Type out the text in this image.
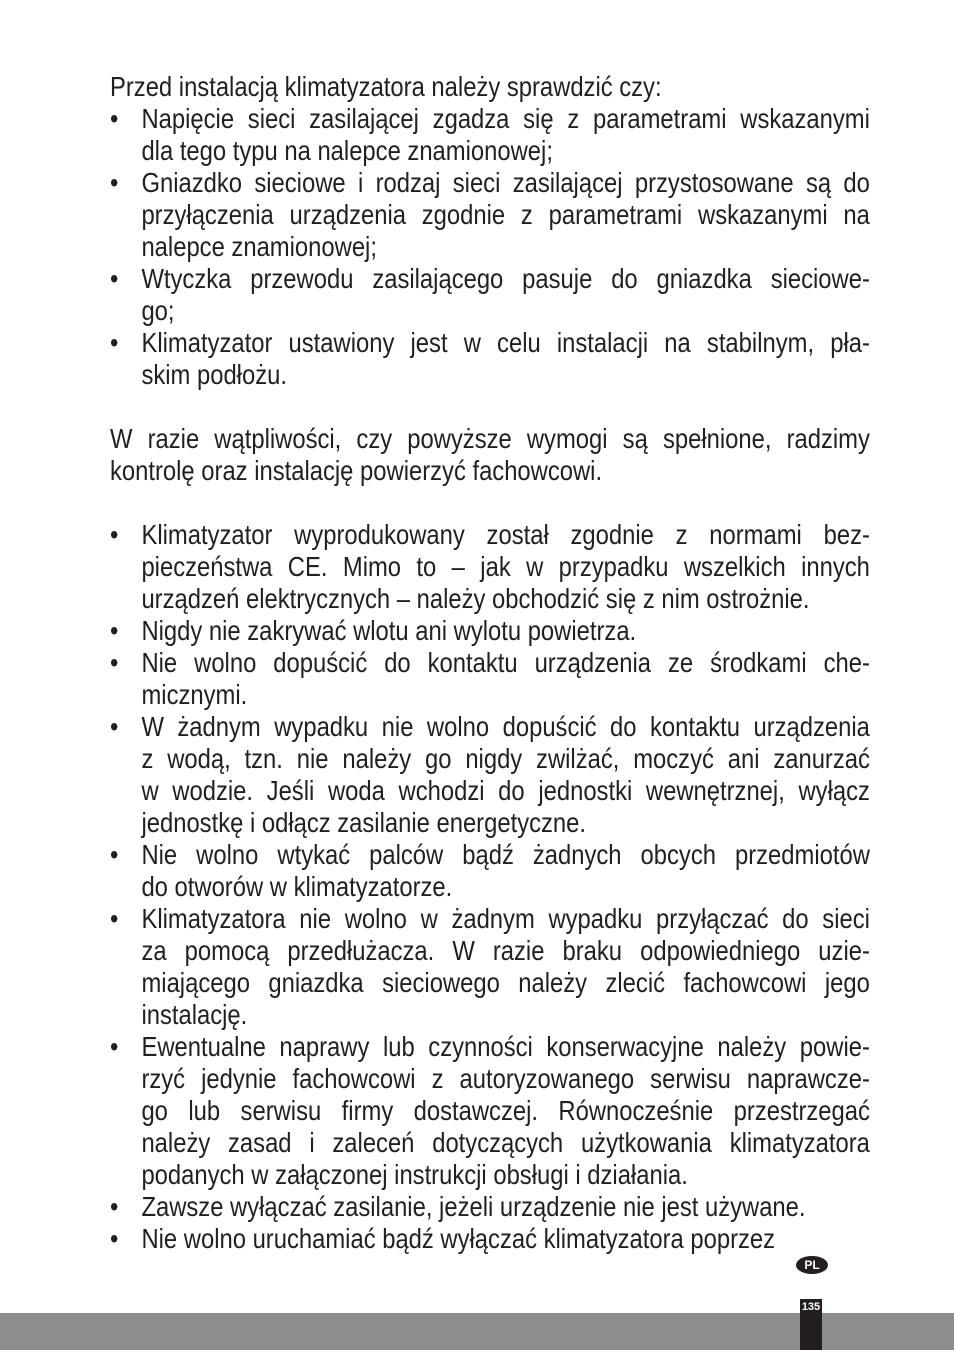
Przed instalacją klimatyzatora należy sprawdzić czy:
• Napięcie sieci zasilającej zgadza się z parametrami wskazanymi
dla tego typu na nalepce znamionowej;
• Gniazdko sieciowe i rodzaj sieci zasilającej przystosowane są do
przyłączenia urządzenia zgodnie z parametrami wskazanymi na
nalepce znamionowej;
• Wtyczka przewodu zasilającego pasuje do gniazdka sieciowe-
go;
• Klimatyzator ustawiony jest w celu instalacji na stabilnym, pła-
skim podłożu.
W razie wątpliwości, czy powyższe wymogi są spełnione, radzimy
kontrolę oraz instalację powierzyć fachowcowi.
• Klimatyzator wyprodukowany został zgodnie z normami bez-
pieczeństwa CE. Mimo to – jak w przypadku wszelkich innych
urządzeń elektrycznych – należy obchodzić się z nim ostrożnie.
• Nigdy nie zakrywać wlotu ani wylotu powietrza.
• Nie wolno dopuścić do kontaktu urządzenia ze środkami che-
micznymi.
• W żadnym wypadku nie wolno dopuścić do kontaktu urządzenia
z wodą, tzn. nie należy go nigdy zwilżać, moczyć ani zanurzać
w wodzie. Jeśli woda wchodzi do jednostki wewnętrznej, wyłącz
jednostkę i odłącz zasilanie energetyczne.
• Nie wolno wtykać palców bądź żadnych obcych przedmiotów
do otworów w klimatyzatorze.
• Klimatyzatora nie wolno w żadnym wypadku przyłączać do sieci
za pomocą przedłużacza. W razie braku odpowiedniego uzie-
miającego gniazdka sieciowego należy zlecić fachowcowi jego
instalację.
• Ewentualne naprawy lub czynności konserwacyjne należy powie-
rzyć jedynie fachowcowi z autoryzowanego serwisu naprawcze-
go lub serwisu firmy dostawczej. Równocześnie przestrzegać
należy zasad i zaleceń dotyczących użytkowania klimatyzatora
podanych w załączonej instrukcji obsługi i działania.
• Zawsze wyłączać zasilanie, jeżeli urządzenie nie jest używane.
• Nie wolno uruchamiać bądź wyłączać klimatyzatora poprzez
PL
135
